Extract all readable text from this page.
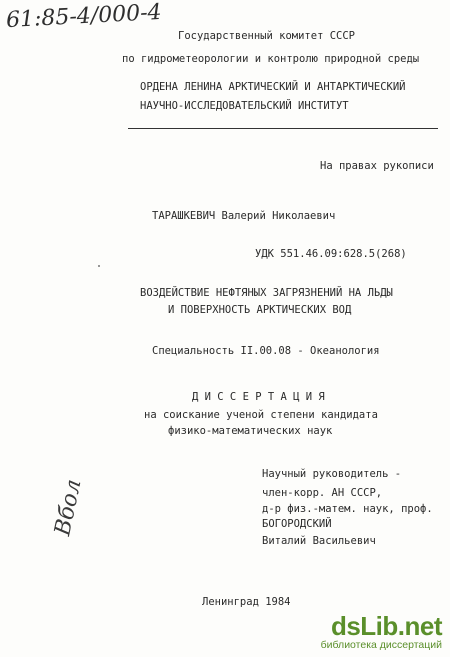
61:85-4/000-4
Государственный комитет СССР
по гидрометеорологии и контролю природной среды
ОРДЕНА ЛЕНИНА АРКТИЧЕСКИЙ И АНТАРКТИЧЕСКИЙ
НАУЧНО-ИССЛЕДОВАТЕЛЬСКИЙ ИНСТИТУТ
На правах рукописи
ТАРАШКЕВИЧ Валерий Николаевич
УДК 551.46.09:628.5(268)
ВОЗДЕЙСТВИЕ НЕФТЯНЫХ ЗАГРЯЗНЕНИЙ НА ЛЬДЫ
И ПОВЕРХНОСТЬ АРКТИЧЕСКИХ ВОД
Специальность II.00.08 - Океанология
Д И С С Е Р Т А Ц И Я
на соискание ученой степени кандидата
физико-математических наук
Вбол
Научный руководитель -
член-корр. АН СССР,
д-р физ.-матем. наук, проф.
БОГОРОДСКИЙ
Виталий Васильевич
Ленинград 1984
dsLib.net
библиотека диссертаций
